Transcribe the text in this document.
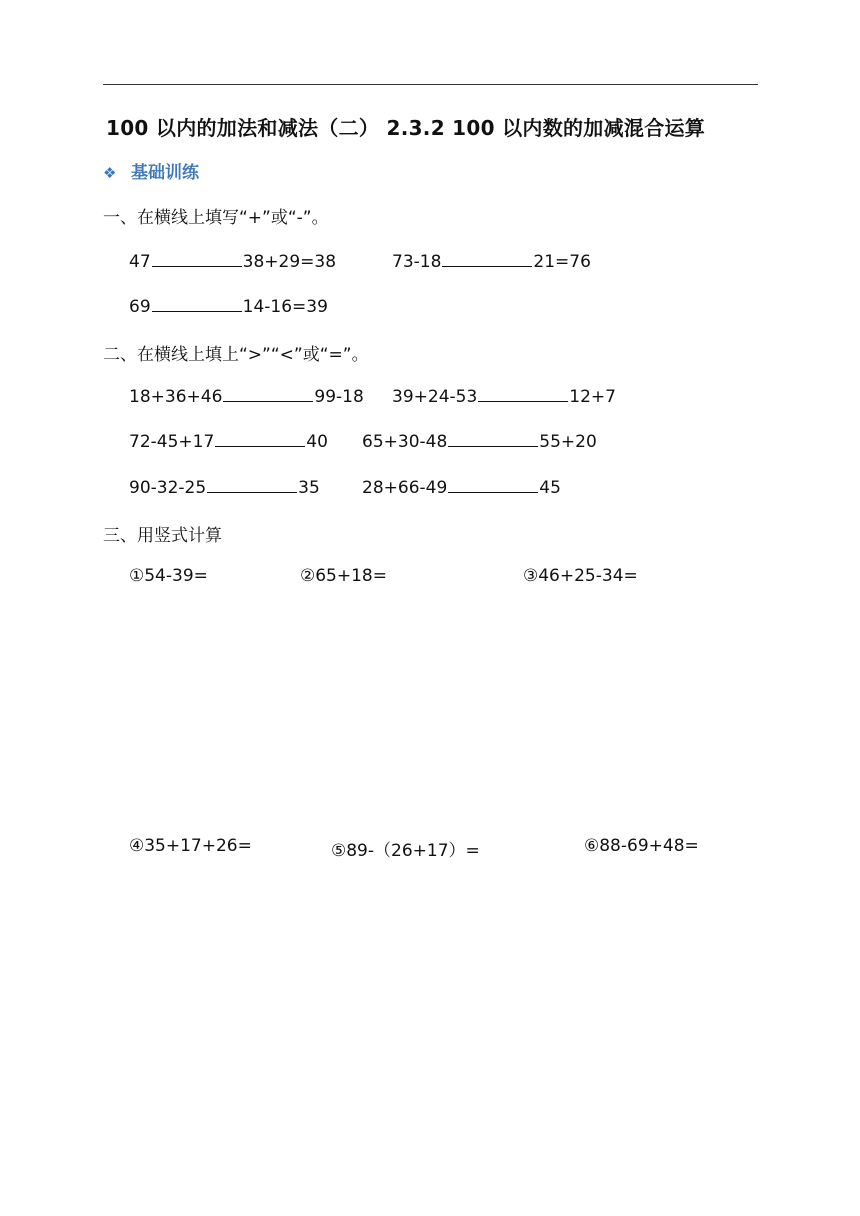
100 以内的加法和减法（二） 2.3.2 100 以内数的加减混合运算
❖ 基础训练
一、在横线上填写“+”或“-”。
47	38+29=38	73-18	21=76
69	14-16=39
二、在横线上填上“>”“<”或“=”。
18+36+46	99-18 39+24-53	12+7
72-45+17	40 65+30-48	55+20
90-32-25	35 28+66-49	45
三、用竖式计算
①54-39=	②65+18=	③46+25-34=
④35+17+26=	⑤89-（26+17）=	⑥88-69+48=
